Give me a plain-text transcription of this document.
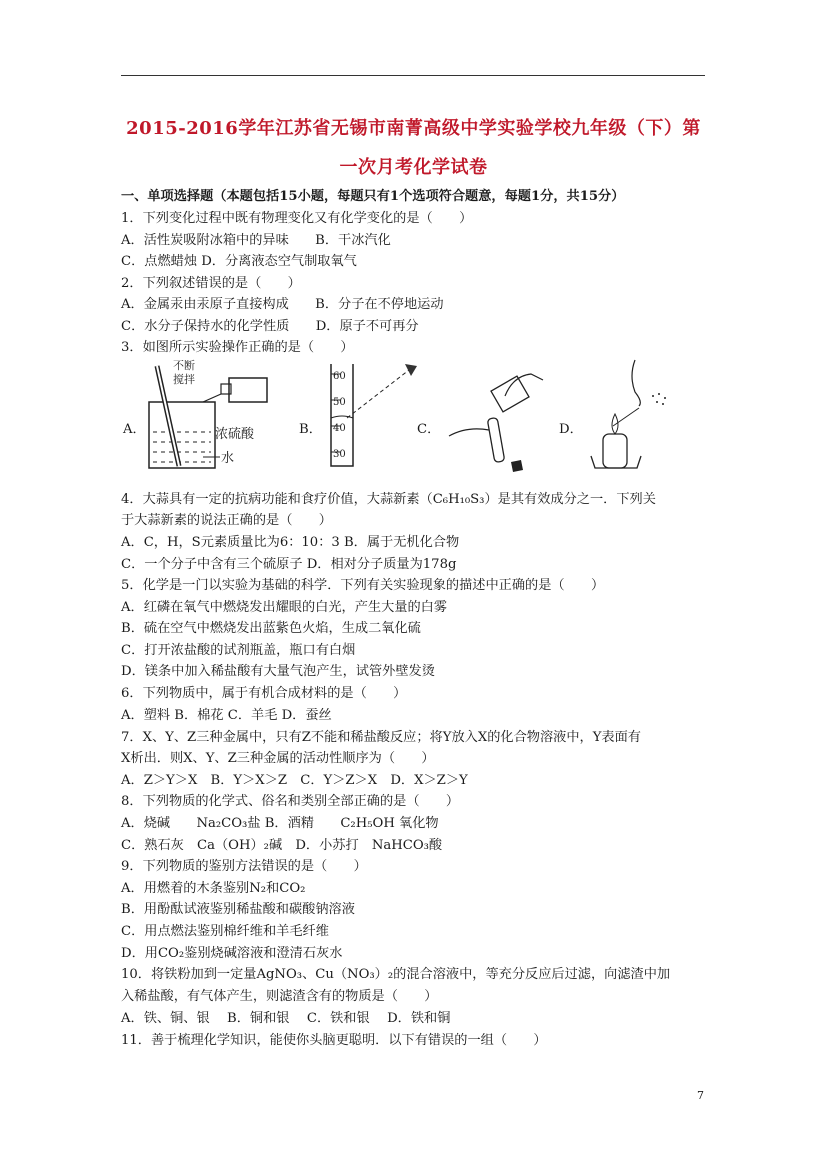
2015-2016学年江苏省无锡市南菁高级中学实验学校九年级（下）第
一次月考化学试卷
一、单项选择题（本题包括15小题，每题只有1个选项符合题意，每题1分，共15分）
1．下列变化过程中既有物理变化又有化学变化的是（　　）
A．活性炭吸附冰箱中的异味　　B．干冰汽化
C．点燃蜡烛 D．分离液态空气制取氧气
2．下列叙述错误的是（　　）
A．金属汞由汞原子直接构成　　B．分子在不停地运动
C．水分子保持水的化学性质　　D．原子不可再分
3．如图所示实验操作正确的是（　　）
A．
不断
搅拌
浓硫酸
水
B．
60
50
40
30
C．	D．
4．大蒜具有一定的抗病功能和食疗价值，大蒜新素（C₆H₁₀S₃）是其有效成分之一．下列关
于大蒜新素的说法正确的是（　　）
A．C，H，S元素质量比为6：10：3 B．属于无机化合物
C．一个分子中含有三个硫原子 D．相对分子质量为178g
5．化学是一门以实验为基础的科学．下列有关实验现象的描述中正确的是（　　）
A．红磷在氧气中燃烧发出耀眼的白光，产生大量的白雾
B．硫在空气中燃烧发出蓝紫色火焰，生成二氧化硫
C．打开浓盐酸的试剂瓶盖，瓶口有白烟
D．镁条中加入稀盐酸有大量气泡产生，试管外壁发烫
6．下列物质中，属于有机合成材料的是（　　）
A．塑料 B．棉花 C．羊毛 D．蚕丝
7．X、Y、Z三种金属中，只有Z不能和稀盐酸反应；将Y放入X的化合物溶液中，Y表面有
X析出．则X、Y、Z三种金属的活动性顺序为（　　）
A．Z＞Y＞X　B．Y＞X＞Z　C．Y＞Z＞X　D．X＞Z＞Y
8．下列物质的化学式、俗名和类别全部正确的是（　　）
A．烧碱　　Na₂CO₃盐 B．酒精　　C₂H₅OH 氧化物
C．熟石灰　Ca（OH）₂碱　D．小苏打　NaHCO₃酸
9．下列物质的鉴别方法错误的是（　　）
A．用燃着的木条鉴别N₂和CO₂
B．用酚酞试液鉴别稀盐酸和碳酸钠溶液
C．用点燃法鉴别棉纤维和羊毛纤维
D．用CO₂鉴别烧碱溶液和澄清石灰水
10．将铁粉加到一定量AgNO₃、Cu（NO₃）₂的混合溶液中，等充分反应后过滤，向滤渣中加
入稀盐酸，有气体产生，则滤渣含有的物质是（　　）
A．铁、铜、银　 B．铜和银　 C．铁和银　 D．铁和铜
11．善于梳理化学知识，能使你头脑更聪明．以下有错误的一组（　　）
7
